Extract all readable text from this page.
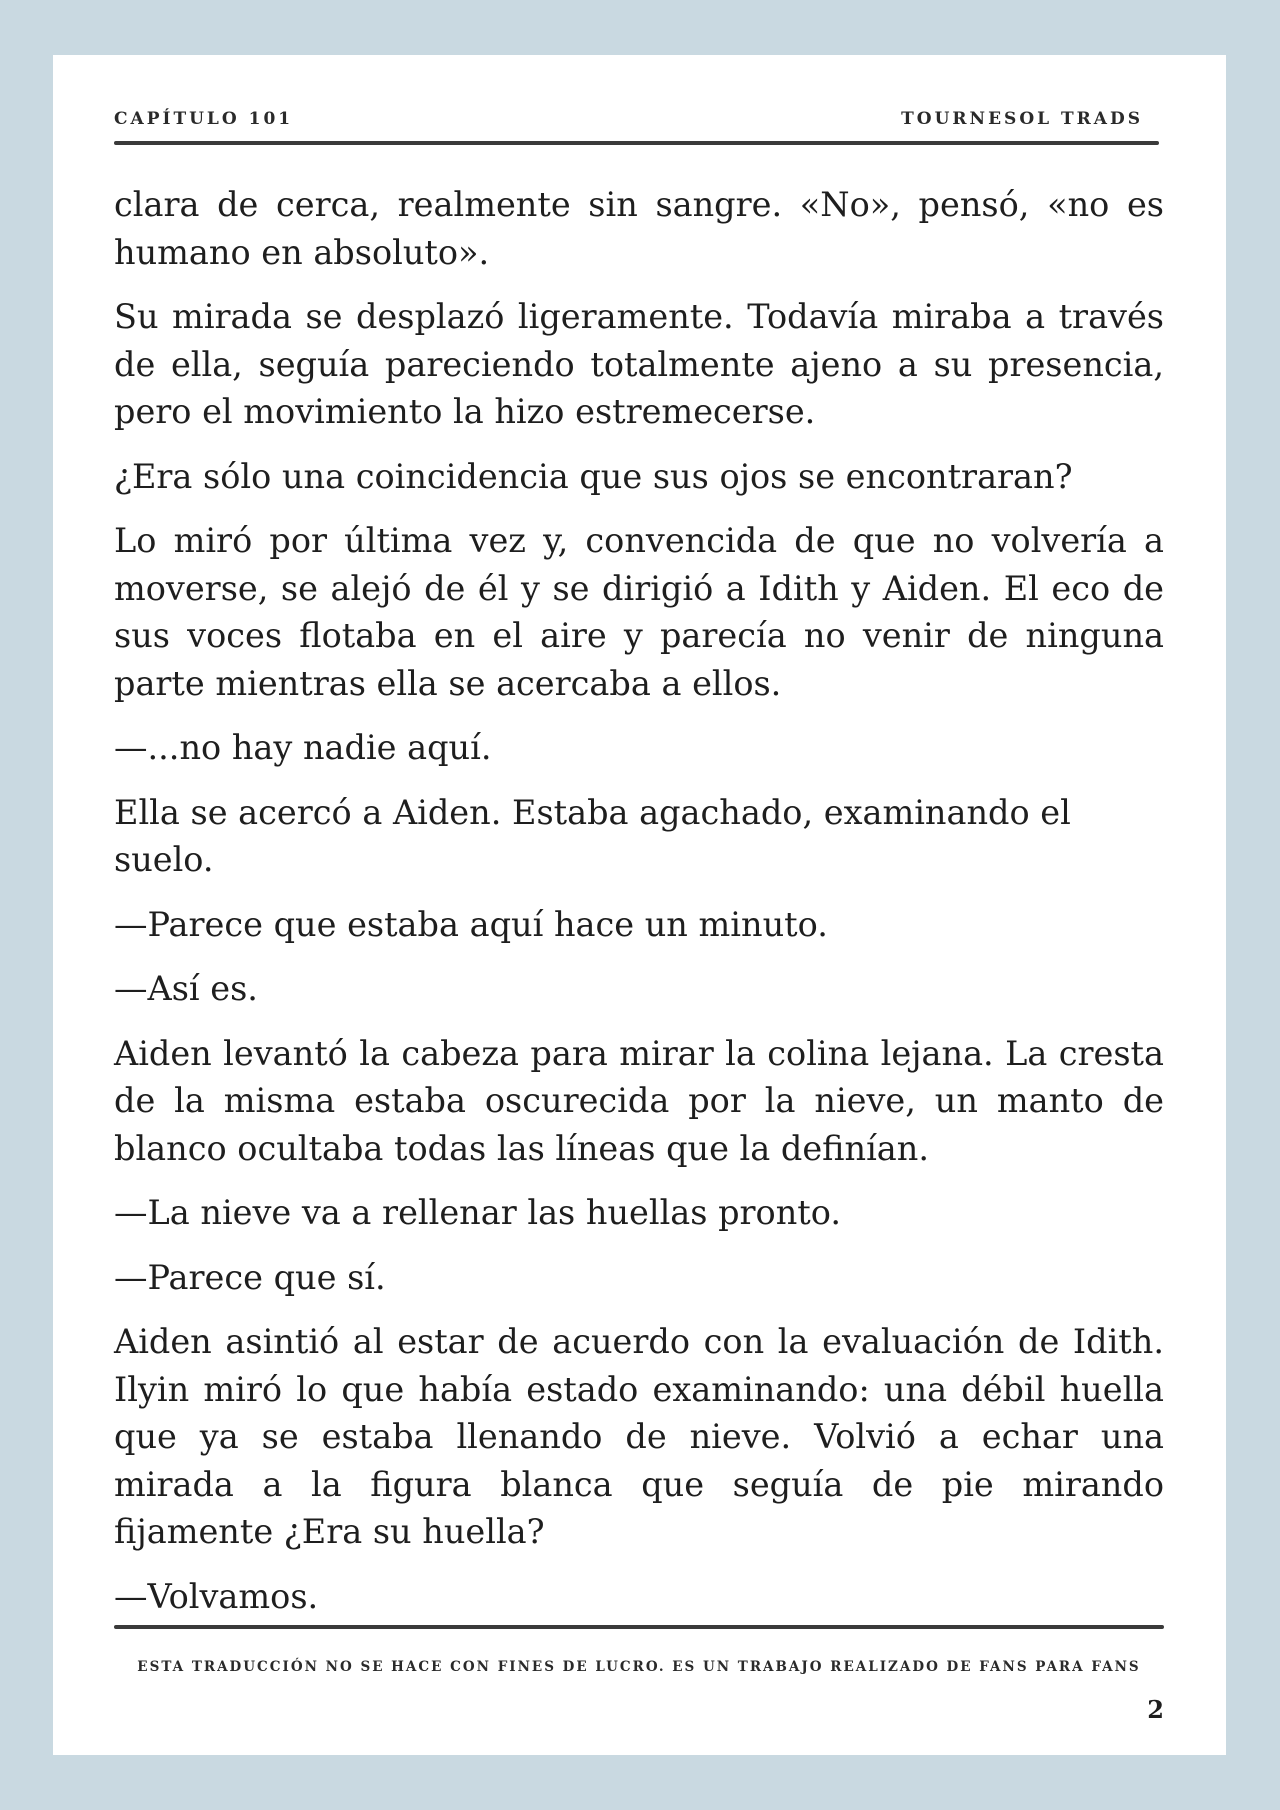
CAPÍTULO 101	TOURNESOL TRADS

clara de cerca, realmente sin sangre. «No», pensó, «no es humano en absoluto».

Su mirada se desplazó ligeramente. Todavía miraba a través de ella, seguía pareciendo totalmente ajeno a su presencia, pero el movimiento la hizo estremecerse.

¿Era sólo una coincidencia que sus ojos se encontraran?

Lo miró por última vez y, convencida de que no volvería a moverse, se alejó de él y se dirigió a Idith y Aiden. El eco de sus voces flotaba en el aire y parecía no venir de ninguna parte mientras ella se acercaba a ellos.

—...no hay nadie aquí.

Ella se acercó a Aiden. Estaba agachado, examinando el suelo.

—Parece que estaba aquí hace un minuto.

—Así es.

Aiden levantó la cabeza para mirar la colina lejana. La cresta de la misma estaba oscurecida por la nieve, un manto de blanco ocultaba todas las líneas que la definían.

—La nieve va a rellenar las huellas pronto.

—Parece que sí.

Aiden asintió al estar de acuerdo con la evaluación de Idith. Ilyin miró lo que había estado examinando: una débil huella que ya se estaba llenando de nieve. Volvió a echar una mirada a la figura blanca que seguía de pie mirando fijamente ¿Era su huella?

—Volvamos.

ESTA TRADUCCIÓN NO SE HACE CON FINES DE LUCRO. ES UN TRABAJO REALIZADO DE FANS PARA FANS
2
